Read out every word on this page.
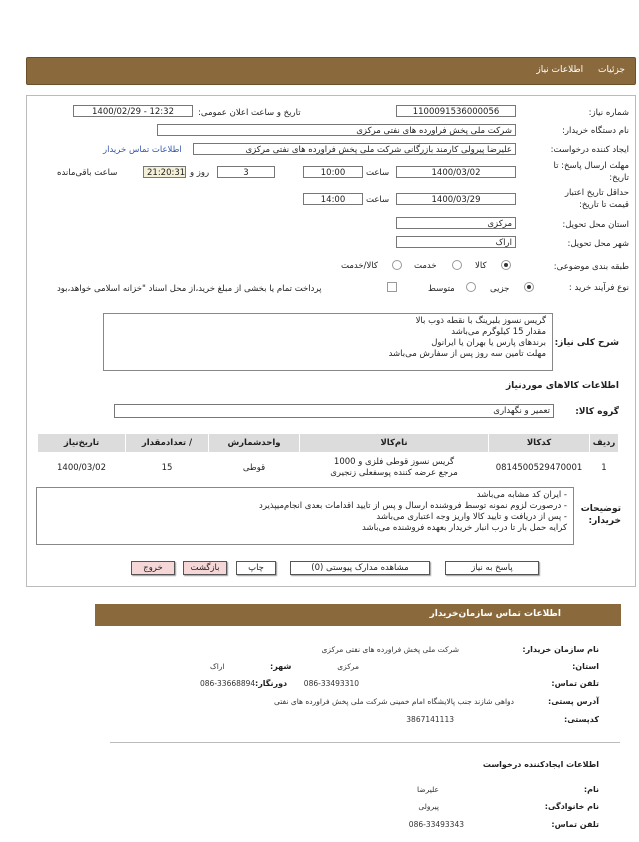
جزئیات اطلاعات نیاز
شماره نیاز:
1100091536000056
تاریخ و ساعت اعلان عمومی:
1400/02/29 - 12:32
نام دستگاه خریدار:
شرکت ملی پخش فراورده های نفتی مرکزی
ایجاد کننده درخواست:
علیرضا پیرولی کارمند بازرگانی شرکت ملی پخش فراورده های نفتی مرکزی
اطلاعات تماس خریدار
مهلت ارسال پاسخ: تا
تاریخ:
1400/03/02
ساعت
10:00
3
روز و
21:20:31
ساعت باقی‌مانده
حداقل تاریخ اعتبار
قیمت تا تاریخ:
1400/03/29
ساعت
14:00
استان محل تحویل:
مرکزی
شهر محل تحویل:
اراک
طبقه بندی موضوعی:
کالا
خدمت
کالا/خدمت
نوع فرآیند خرید :
جزیی
متوسط
پرداخت تمام یا بخشی از مبلغ خرید،از محل اسناد "خزانه اسلامی خواهد،بود
شرح کلی نیاز:
گریس نسوز بلبرینگ با نقطه ذوب بالا
مقدار 15 کیلوگرم می‌باشد
برندهای پارس یا بهران یا ایرانول
مهلت تامین سه روز پس از سفارش می‌باشد
اطلاعات کالاهای موردنیاز
گروه کالا:
تعمیر و نگهداری
ردیف	کدکالا	نام‌کالا	واحدشمارش	/ تعداد‌مقدار	تاریخ‌نیاز
1	0814500529470001	گریس نسوز قوطی فلزی و 1000
مرجع عرضه کننده پوسفعلی زنجیری	قوطی	15	1400/03/02
توضیحات
خریدار:
- ایران کد مشابه می‌باشد
- درصورت لزوم نمونه توسط فروشنده ارسال و پس از تایید اقدامات بعدی انجام‌میپذیرد
- پس از دریافت و تایید کالا واریز وجه اعتباری می‌باشد
کرایه حمل بار تا درب انبار خریدار بعهده فروشنده می‌باشد
پاسخ به نیاز
مشاهده مدارک پیوستی (0)
چاپ
بازگشت
خروج
اطلاعات تماس سازمان‌خریدار
نام سازمان خریدار:
شرکت ملی پخش فراورده های نفتی مرکزی
استان:
مرکزی
شهر:
اراک
تلفن تماس:
086-33493310
دورنگار:
086-33668894
آدرس پستی:
دواهی شازند جنب پالایشگاه امام خمینی شرکت ملی پخش فراورده های نفتی
کدپستی:
3867141113
اطلاعات ایجادکننده درخواست
نام:
علیرضا
نام خانوادگی:
پیرولی
تلفن تماس:
086-33493343
